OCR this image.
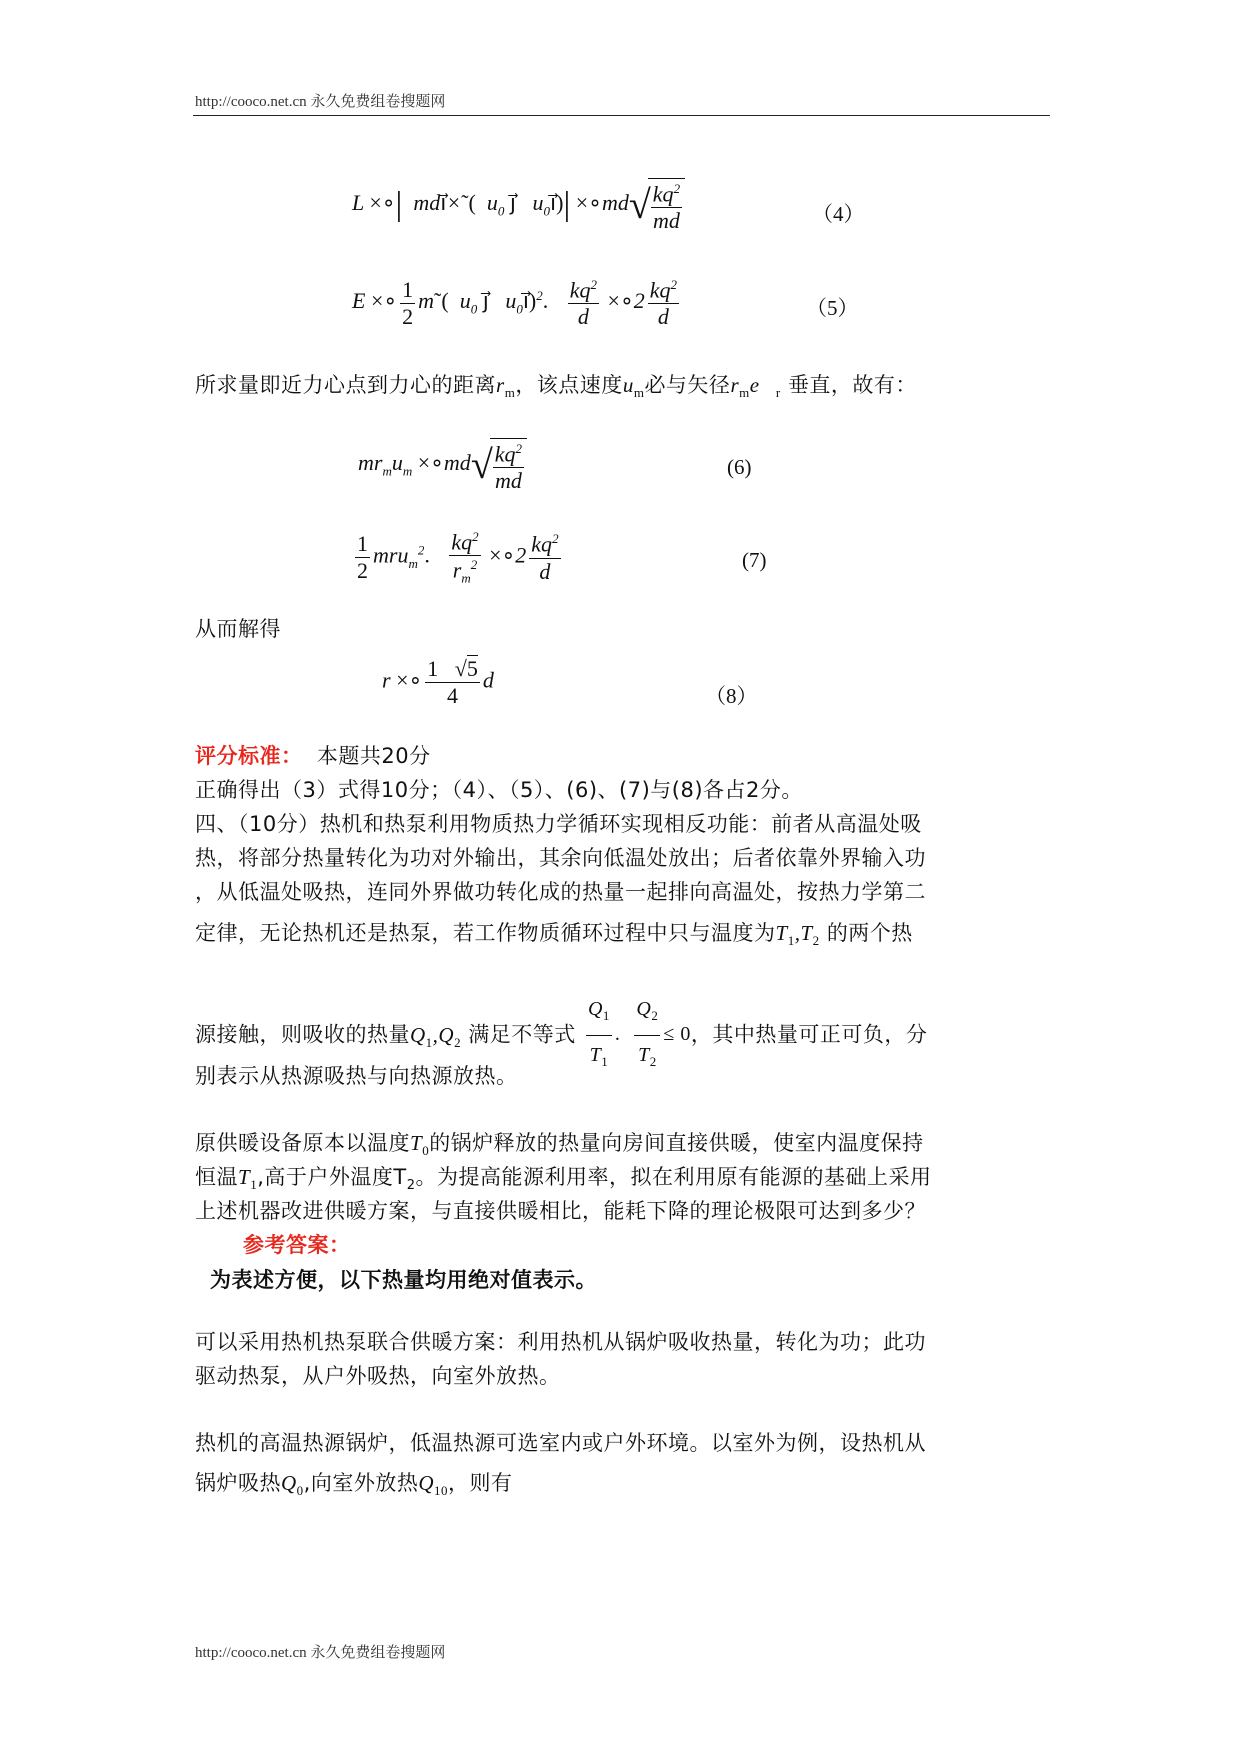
http://cooco.net.cn 永久免费组卷搜题网
L ×∘|  mdi⃗×˜(  $u_0$ j⃗   $u_0i⃗)|$ ×∘md√ $\frac{kq^2}{md}$	（4）
E ×∘ $\frac{1}{2}$ m˜(  $u_0$ j⃗   $u_0i⃗)^2$. $\frac{kq^2}{d}$ ×∘2 $\frac{kq^2}{d}$	（5）
所求量即近力心点到力心的距离$r_m$，该点速度$u_m$必与矢径$r_me⃗_r$ 垂直，故有：
$mr_mu_m$ ×∘md√ $\frac{kq^2}{md}$	(6)
$\frac{1}{2} mru_m^2$. $\frac{kq^2}{r_m^2}$ ×∘2 $\frac{kq^2}{d}$	(7)
从而解得
r ×∘ $\frac{1 √5}{4}$ d
（8）
评分标准： 本题共20分
正确得出（3）式得10分；（4）、（5）、(6)、(7)与(8)各占2分。
四、（10分）热机和热泵利用物质热力学循环实现相反功能：前者从高温处吸
热，将部分热量转化为功对外输出，其余向低温处放出；后者依靠外界输入功
，从低温处吸热，连同外界做功转化成的热量一起排向高温处，按热力学第二
定律，无论热机还是热泵，若工作物质循环过程中只与温度为$T_1,T_2$ 的两个热
源接触，则吸收的热量$Q_1,Q_2$ 满足不等式 $\frac{Q_1}{T_1}$ . $\frac{Q_2}{T_2} \le 0$，其中热量可正可负，分
别表示从热源吸热与向热源放热。
原供暖设备原本以温度$T_0$的锅炉释放的热量向房间直接供暖，使室内温度保持
恒温$T_1$,高于户外温度$T_2$。为提高能源利用率，拟在利用原有能源的基础上采用
上述机器改进供暖方案，与直接供暖相比，能耗下降的理论极限可达到多少？
参考答案：
为表述方便，以下热量均用绝对值表示。
可以采用热机热泵联合供暖方案：利用热机从锅炉吸收热量，转化为功；此功
驱动热泵，从户外吸热，向室外放热。
热机的高温热源锅炉，低温热源可选室内或户外环境。以室外为例，设热机从
锅炉吸热$Q_0$,向室外放热$Q_{10}$，则有
http://cooco.net.cn 永久免费组卷搜题网
